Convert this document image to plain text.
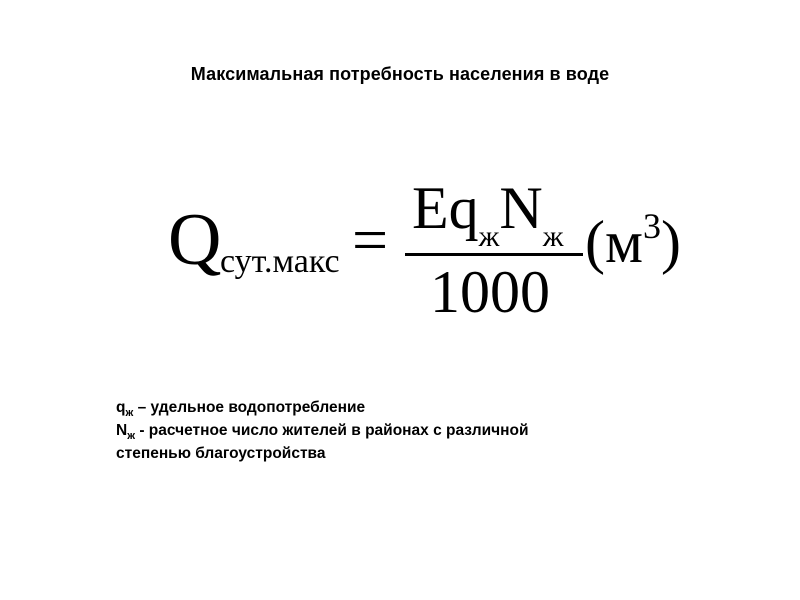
Максимальная потребность населения в воде
Q
сут.макс = $Eq_жN_ж$
1000
$(м^3)$
$q_ж$ – удельное водопотребление
$N_ж$ - расчетное число жителей в районах с различной
степенью благоустройства
